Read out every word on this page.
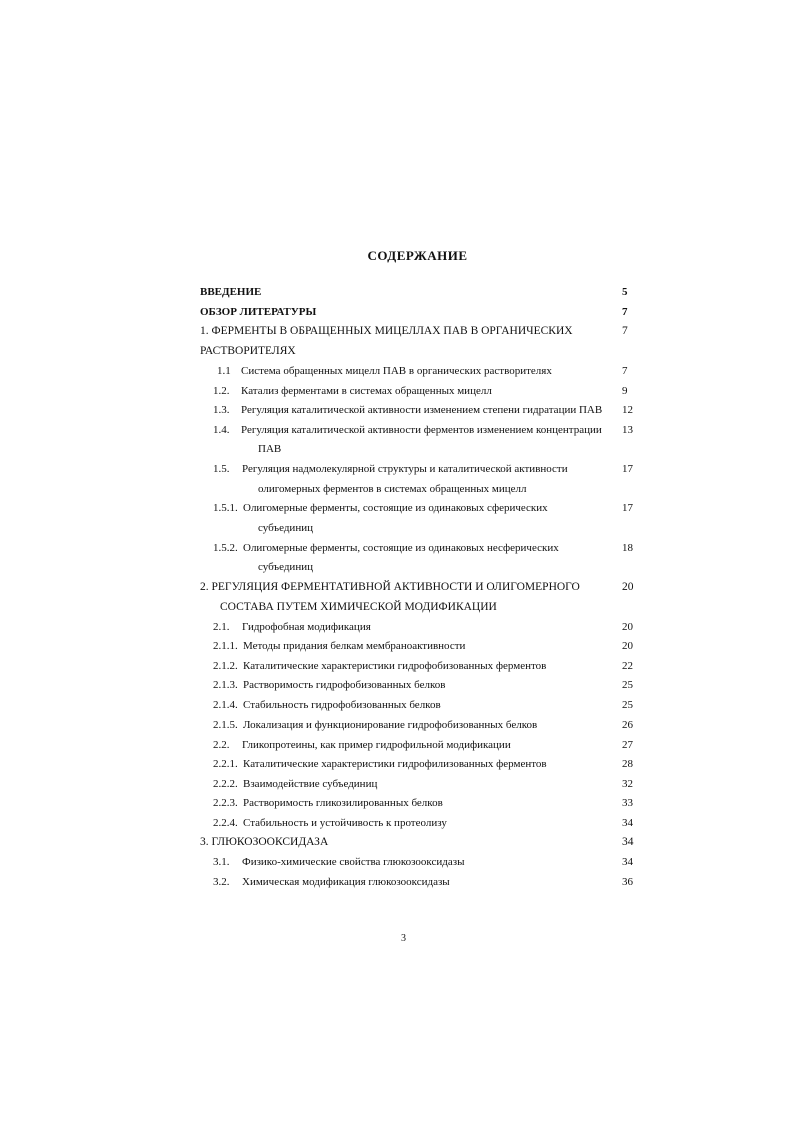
СОДЕРЖАНИЕ
ВВЕДЕНИЕ	5
ОБЗОР ЛИТЕРАТУРЫ	7
1. ФЕРМЕНТЫ В ОБРАЩЕННЫХ МИЦЕЛЛАХ ПАВ В ОРГАНИЧЕСКИХ	7
РАСТВОРИТЕЛЯХ
1.1 Система обращенных мицелл ПАВ в органических растворителях	7
1.2. Катализ ферментами в системах обращенных мицелл	9
1.3. Регуляция каталитической активности изменением степени гидратации ПАВ 12
1.4. Регуляция каталитической активности ферментов изменением концентрации 13
ПАВ
1.5. Регуляция надмолекулярной структуры и каталитической активности	17
олигомерных ферментов в системах обращенных мицелл
1.5.1. Олигомерные ферменты, состоящие из одинаковых сферических	17
субъединиц
1.5.2. Олигомерные ферменты, состоящие из одинаковых несферических	18
субъединиц
2. РЕГУЛЯЦИЯ ФЕРМЕНТАТИВНОЙ АКТИВНОСТИ И ОЛИГОМЕРНОГО	20
СОСТАВА ПУТЕМ ХИМИЧЕСКОЙ МОДИФИКАЦИИ
2.1. Гидрофобная модификация	20
2.1.1. Методы придания белкам мембраноактивности	20
2.1.2. Каталитические характеристики гидрофобизованных ферментов	22
2.1.3. Растворимость гидрофобизованных белков	25
2.1.4. Стабильность гидрофобизованных белков	25
2.1.5. Локализация и функционирование гидрофобизованных белков	26
2.2. Гликопротеины, как пример гидрофильной модификации	27
2.2.1. Каталитические характеристики гидрофилизованных ферментов	28
2.2.2. Взаимодействие субъединиц	32
2.2.3. Растворимость гликозилированных белков	33
2.2.4. Стабильность и устойчивость к протеолизу	34
3. ГЛЮКОЗООКСИДАЗА	34
3.1. Физико-химические свойства глюкозооксидазы	34
3.2. Химическая модификация глюкозооксидазы	36
3
